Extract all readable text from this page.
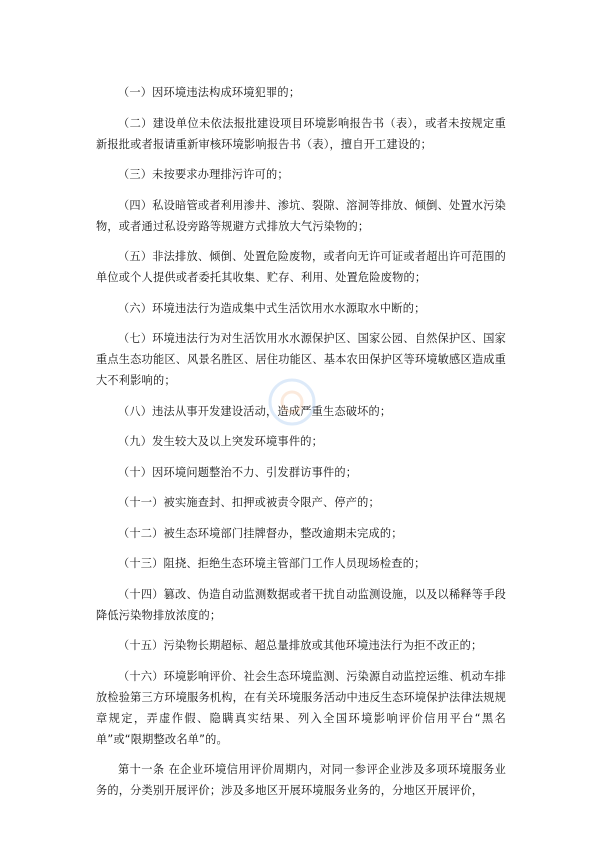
（一）因环境违法构成环境犯罪的；

（二）建设单位未依法报批建设项目环境影响报告书（表），或者未按规定重新报批或者报请重新审核环境影响报告书（表），擅自开工建设的；

（三）未按要求办理排污许可的；

（四）私设暗管或者利用渗井、渗坑、裂隙、溶洞等排放、倾倒、处置水污染物，或者通过私设旁路等规避方式排放大气污染物的；

（五）非法排放、倾倒、处置危险废物，或者向无许可证或者超出许可范围的单位或个人提供或者委托其收集、贮存、利用、处置危险废物的；

（六）环境违法行为造成集中式生活饮用水水源取水中断的；

（七）环境违法行为对生活饮用水水源保护区、国家公园、自然保护区、国家重点生态功能区、风景名胜区、居住功能区、基本农田保护区等环境敏感区造成重大不利影响的；

（八）违法从事开发建设活动，造成严重生态破坏的；

（九）发生较大及以上突发环境事件的；

（十）因环境问题整治不力、引发群访事件的；

（十一）被实施查封、扣押或被责令限产、停产的；

（十二）被生态环境部门挂牌督办，整改逾期未完成的；

（十三）阻挠、拒绝生态环境主管部门工作人员现场检查的；

（十四）篡改、伪造自动监测数据或者干扰自动监测设施，以及以稀释等手段降低污染物排放浓度的；

（十五）污染物长期超标、超总量排放或其他环境违法行为拒不改正的；

（十六）环境影响评价、社会生态环境监测、污染源自动监控运维、机动车排放检验第三方环境服务机构，在有关环境服务活动中违反生态环境保护法律法规规章规定，弄虚作假、隐瞒真实结果、列入全国环境影响评价信用平台“黑名单”或“限期整改名单”的。

第十一条 在企业环境信用评价周期内，对同一参评企业涉及多项环境服务业务的，分类别开展评价；涉及多地区开展环境服务业务的，分地区开展评价，
